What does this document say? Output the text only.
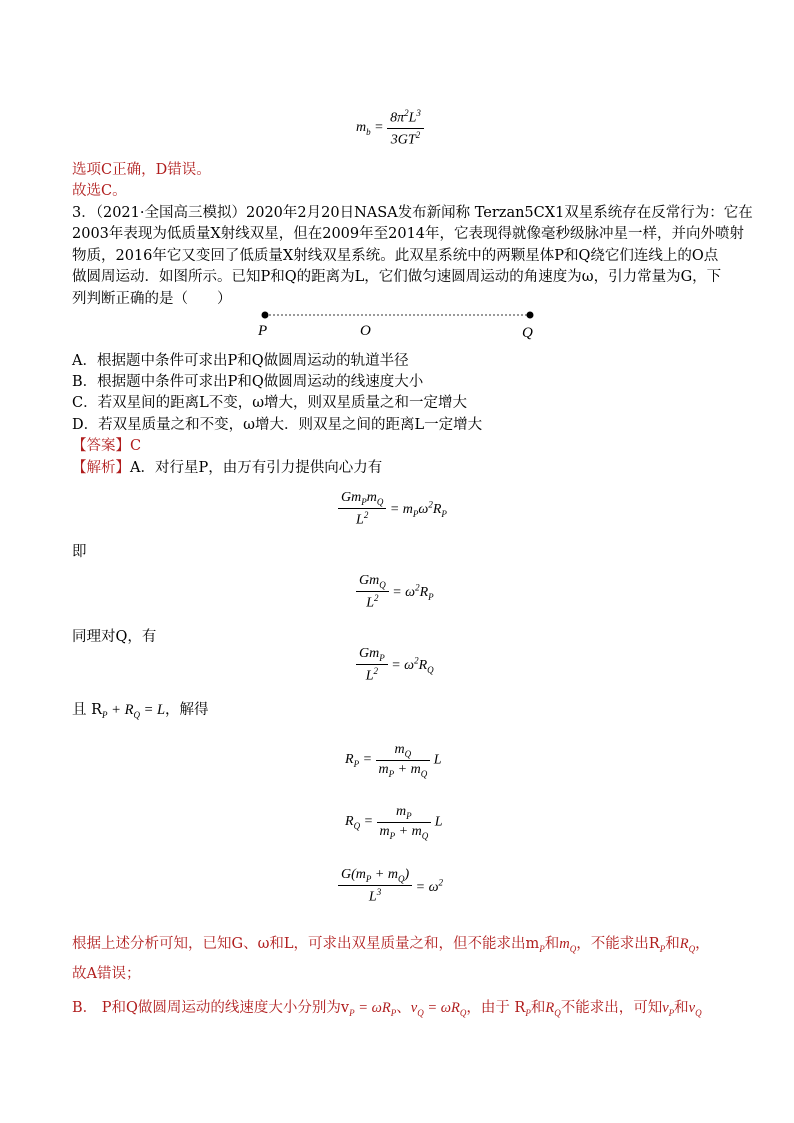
$m_b = \frac{8\pi^2L^3}{3GT^2}$
选项C正确，D错误。
故选C。
3．（2021·全国高三模拟）2020年2月20日NASA发布新闻称 Terzan5CX1双星系统存在反常行为：它在
2003年表现为低质量X射线双星，但在2009年至2014年，它表现得就像毫秒级脉冲星一样，并向外喷射
物质，2016年它又变回了低质量X射线双星系统。此双星系统中的两颗星体P和Q绕它们连线上的O点
做圆周运动．如图所示。已知P和Q的距离为L，它们做匀速圆周运动的角速度为ω，引力常量为G，下
列判断正确的是（　　）
P	O	Q
A．根据题中条件可求出P和Q做圆周运动的轨道半径
B．根据题中条件可求出P和Q做圆周运动的线速度大小
C．若双星间的距离L不变，ω增大，则双星质量之和一定增大
D．若双星质量之和不变，ω增大．则双星之间的距离L一定增大
【答案】C
【解析】A．对行星P，由万有引力提供向心力有
$\frac{Gm_Pm_Q}{L^2} = m_P\omega^2R_P$
即
$\frac{Gm_Q}{L^2} = \omega^2R_P$
同理对Q，有
$\frac{Gm_P}{L^2} = \omega^2R_Q$
且 $R_P + R_Q = L$，解得
$R_P = \frac{m_Q}{m_P + m_Q}$ L
$R_Q = \frac{m_P}{m_P + m_Q}$ L
$\frac{G(m_P + m_Q)}{L^3} = \omega^2$
根据上述分析可知，已知G、ω和L，可求出双星质量之和，但不能求出$m_P$和$m_Q$，不能求出$R_P$和$R_Q$，
故A错误；
B． P和Q做圆周运动的线速度大小分别为$v_P = \omega R_P$、$v_Q = \omega R_Q$，由于 $R_P$和$R_Q$不能求出，可知$v_P$和$v_Q$
